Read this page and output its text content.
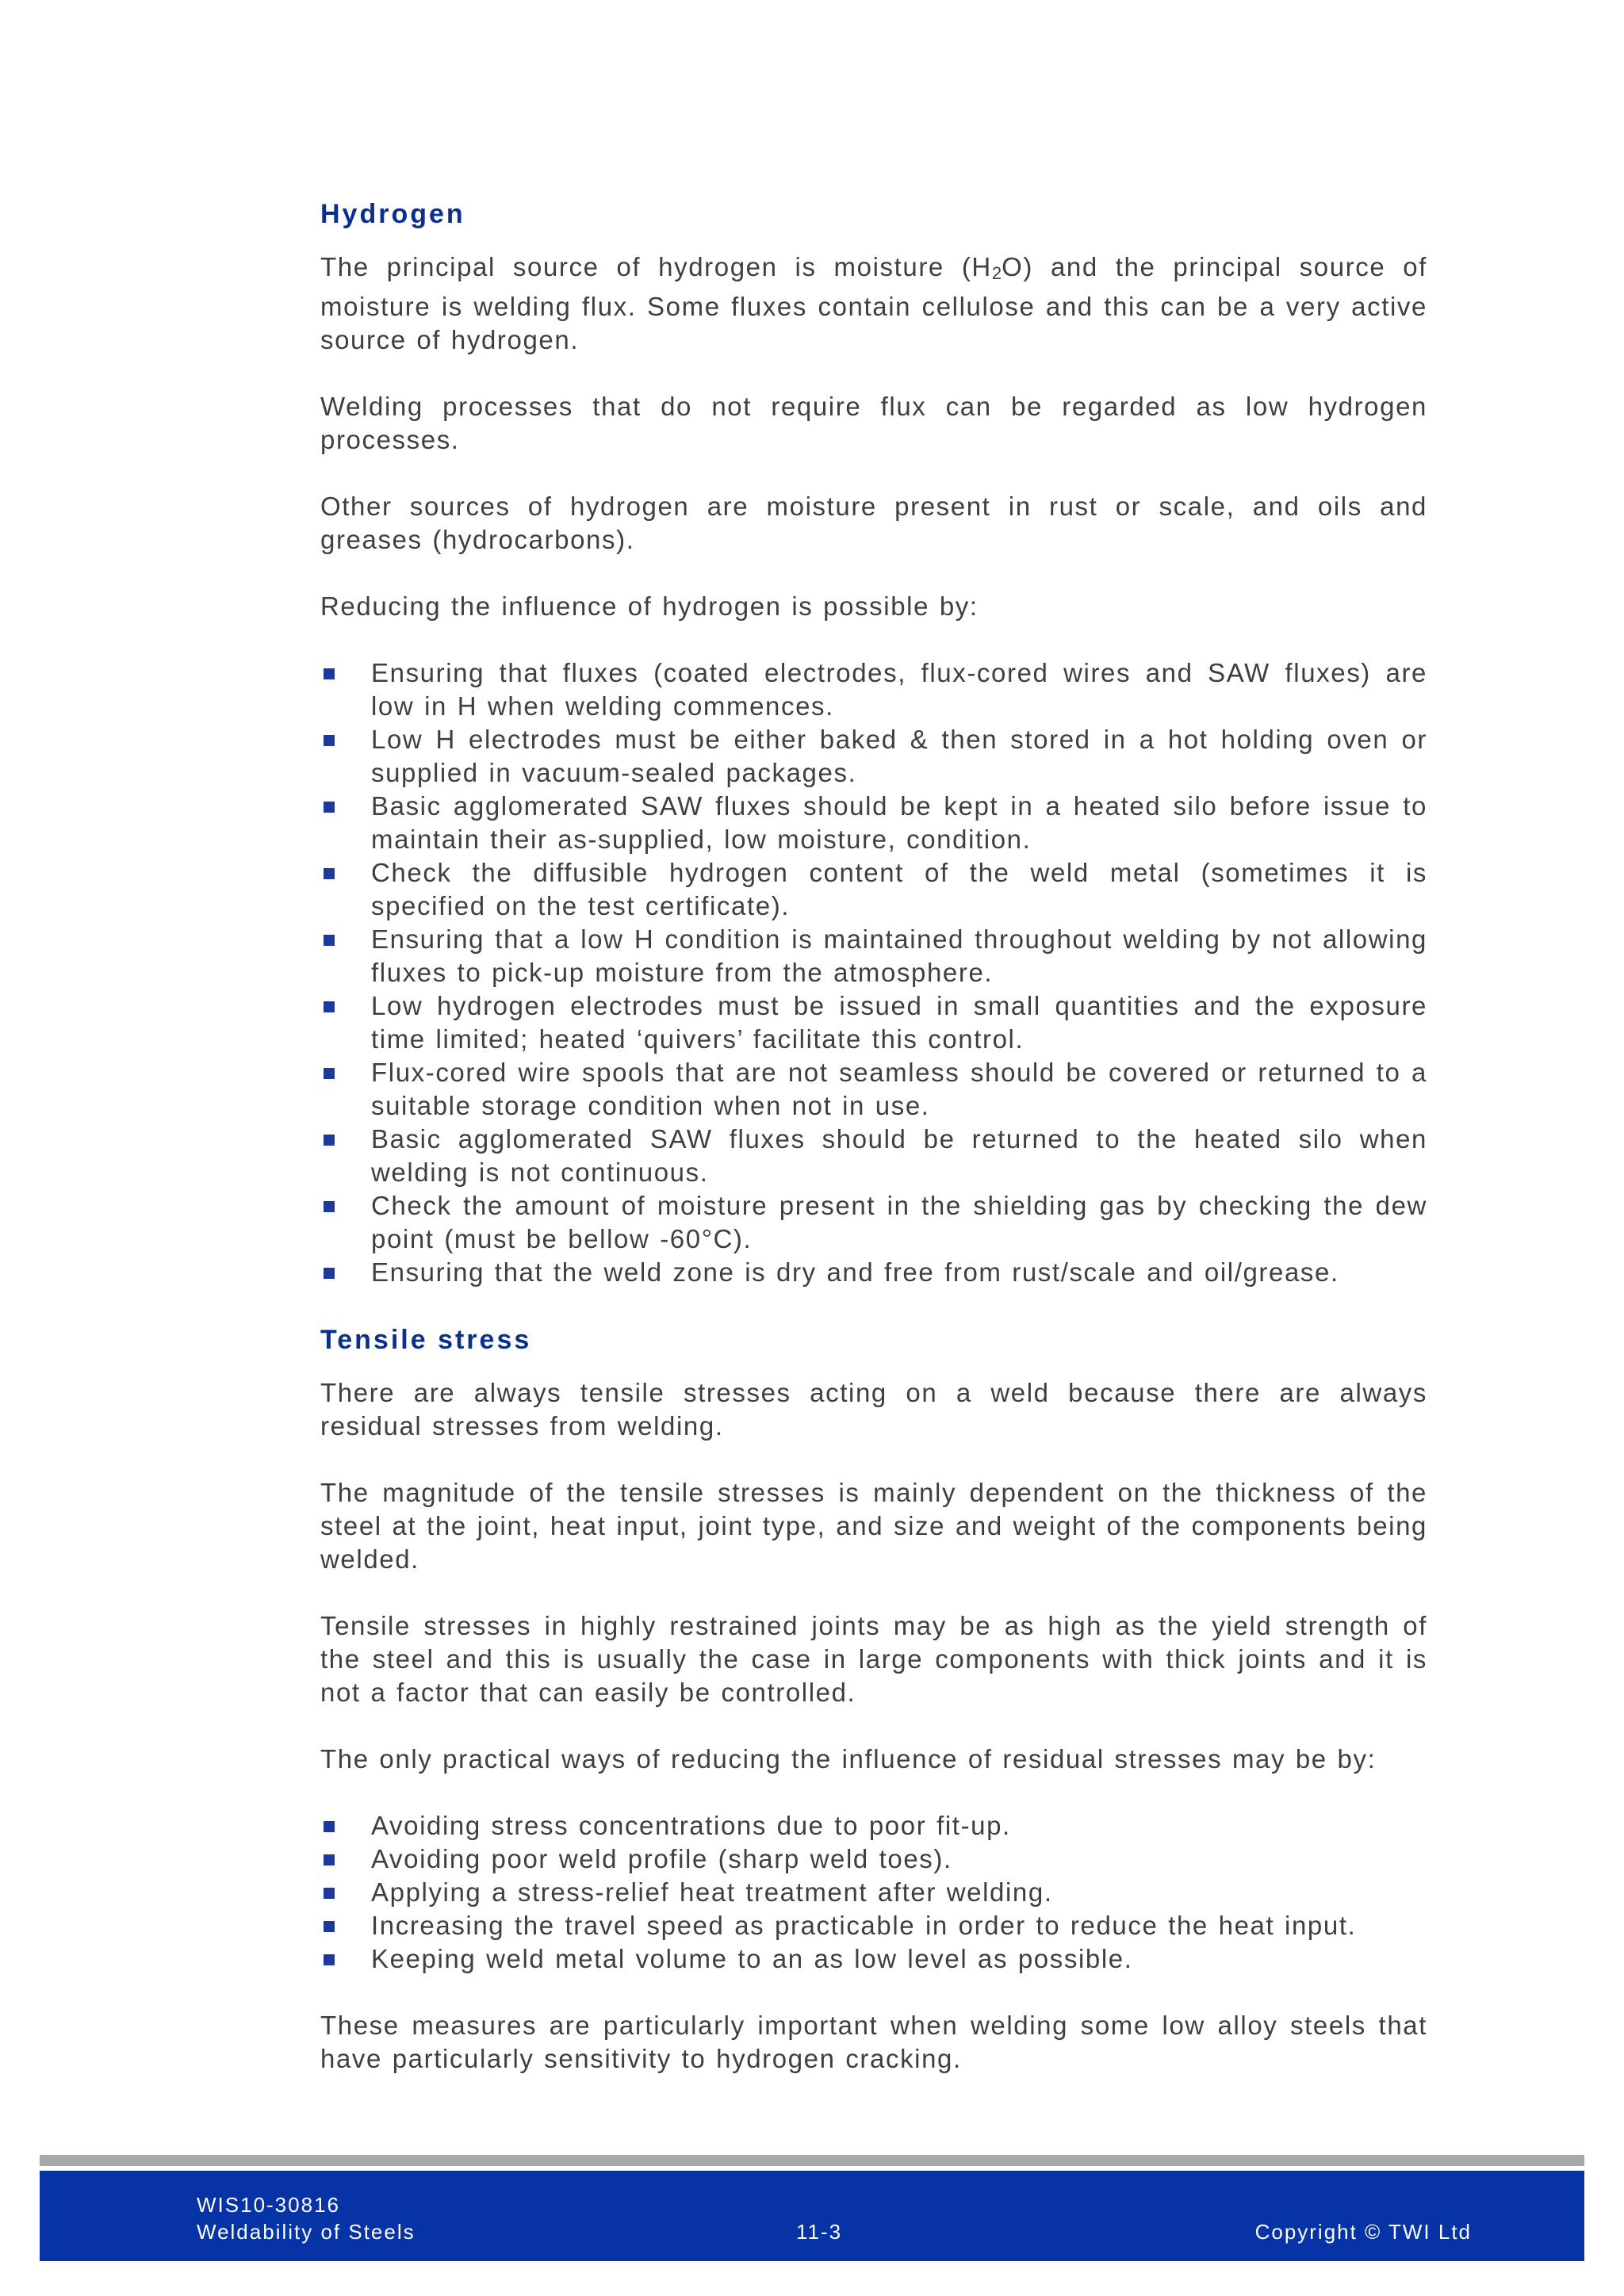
Hydrogen

The principal source of hydrogen is moisture (H2O) and the principal source of moisture is welding flux. Some fluxes contain cellulose and this can be a very active source of hydrogen.

Welding processes that do not require flux can be regarded as low hydrogen processes.

Other sources of hydrogen are moisture present in rust or scale, and oils and greases (hydrocarbons).

Reducing the influence of hydrogen is possible by:

Ensuring that fluxes (coated electrodes, flux-cored wires and SAW fluxes) are low in H when welding commences.
Low H electrodes must be either baked & then stored in a hot holding oven or supplied in vacuum-sealed packages.
Basic agglomerated SAW fluxes should be kept in a heated silo before issue to maintain their as-supplied, low moisture, condition.
Check the diffusible hydrogen content of the weld metal (sometimes it is specified on the test certificate).
Ensuring that a low H condition is maintained throughout welding by not allowing fluxes to pick-up moisture from the atmosphere.
Low hydrogen electrodes must be issued in small quantities and the exposure time limited; heated ‘quivers’ facilitate this control.
Flux-cored wire spools that are not seamless should be covered or returned to a suitable storage condition when not in use.
Basic agglomerated SAW fluxes should be returned to the heated silo when welding is not continuous.
Check the amount of moisture present in the shielding gas by checking the dew point (must be bellow -60°C).
Ensuring that the weld zone is dry and free from rust/scale and oil/grease.
Tensile stress

There are always tensile stresses acting on a weld because there are always residual stresses from welding.

The magnitude of the tensile stresses is mainly dependent on the thickness of the steel at the joint, heat input, joint type, and size and weight of the components being welded.

Tensile stresses in highly restrained joints may be as high as the yield strength of the steel and this is usually the case in large components with thick joints and it is not a factor that can easily be controlled.

The only practical ways of reducing the influence of residual stresses may be by:

Avoiding stress concentrations due to poor fit-up.
Avoiding poor weld profile (sharp weld toes).
Applying a stress-relief heat treatment after welding.
Increasing the travel speed as practicable in order to reduce the heat input.
Keeping weld metal volume to an as low level as possible.

These measures are particularly important when welding some low alloy steels that have particularly sensitivity to hydrogen cracking.

WIS10-30816
Weldability of Steels	11-3	Copyright © TWI Ltd
